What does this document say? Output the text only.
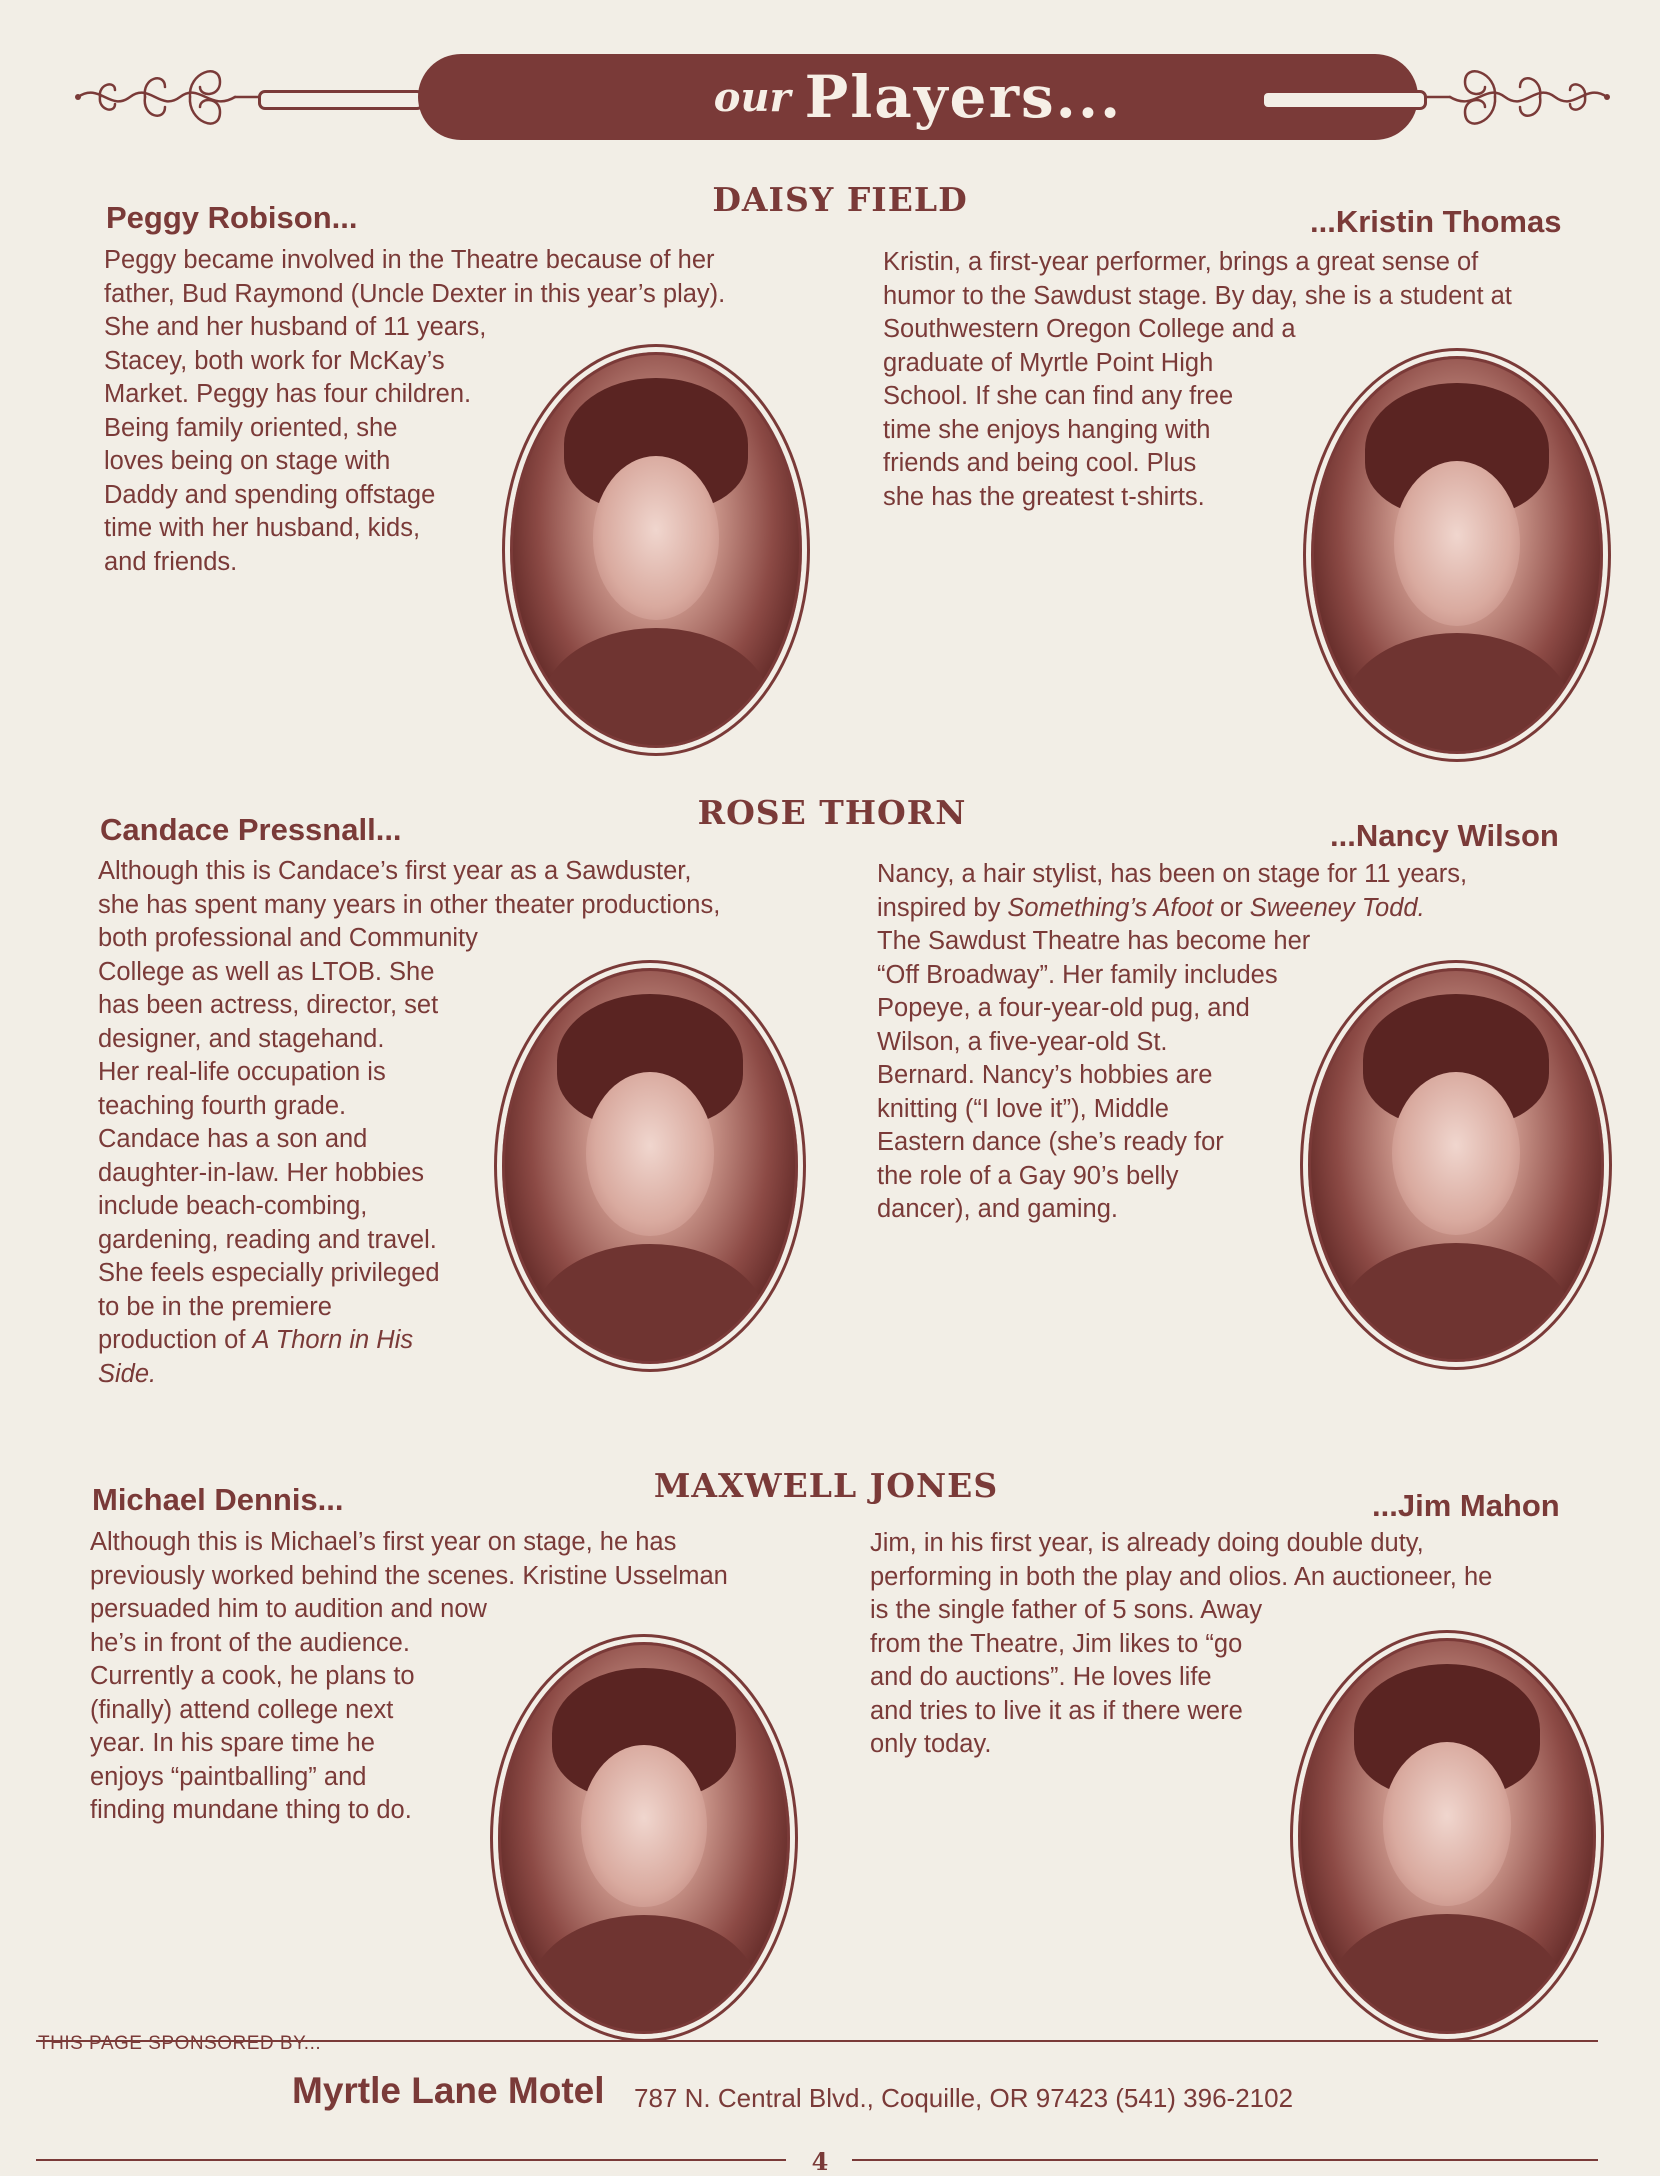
our Players...
DAISY FIELD
Peggy Robison...
Peggy became involved in the Theatre because of her
father, Bud Raymond (Uncle Dexter in this year’s play).
She and her husband of 11 years,
Stacey, both work for McKay’s
Market. Peggy has four children.
Being family oriented, she
loves being on stage with
Daddy and spending offstage
time with her husband, kids,
and friends.
...Kristin Thomas
Kristin, a first-year performer, brings a great sense of
humor to the Sawdust stage. By day, she is a student at
Southwestern Oregon College and a
graduate of Myrtle Point High
School. If she can find any free
time she enjoys hanging with
friends and being cool. Plus
she has the greatest t-shirts.
ROSE THORN
Candace Pressnall...
Although this is Candace’s first year as a Sawduster,
she has spent many years in other theater productions,
both professional and Community
College as well as LTOB. She
has been actress, director, set
designer, and stagehand.
Her real-life occupation is
teaching fourth grade.
Candace has a son and
daughter-in-law. Her hobbies
include beach-combing,
gardening, reading and travel.
She feels especially privileged
to be in the premiere
production of A Thorn in His
Side.
...Nancy Wilson
Nancy, a hair stylist, has been on stage for 11 years,
inspired by Something’s Afoot or Sweeney Todd.
The Sawdust Theatre has become her
“Off Broadway”. Her family includes
Popeye, a four-year-old pug, and
Wilson, a five-year-old St.
Bernard. Nancy’s hobbies are
knitting (“I love it”), Middle
Eastern dance (she’s ready for
the role of a Gay 90’s belly
dancer), and gaming.
MAXWELL JONES
Michael Dennis...
Although this is Michael’s first year on stage, he has
previously worked behind the scenes. Kristine Usselman
persuaded him to audition and now
he’s in front of the audience.
Currently a cook, he plans to
(finally) attend college next
year. In his spare time he
enjoys “paintballing” and
finding mundane thing to do.
...Jim Mahon
Jim, in his first year, is already doing double duty,
performing in both the play and olios. An auctioneer, he
is the single father of 5 sons. Away
from the Theatre, Jim likes to “go
and do auctions”. He loves life
and tries to live it as if there were
only today.
THIS PAGE SPONSORED BY...
Myrtle Lane Motel 787 N. Central Blvd., Coquille, OR 97423 (541) 396-2102
4
